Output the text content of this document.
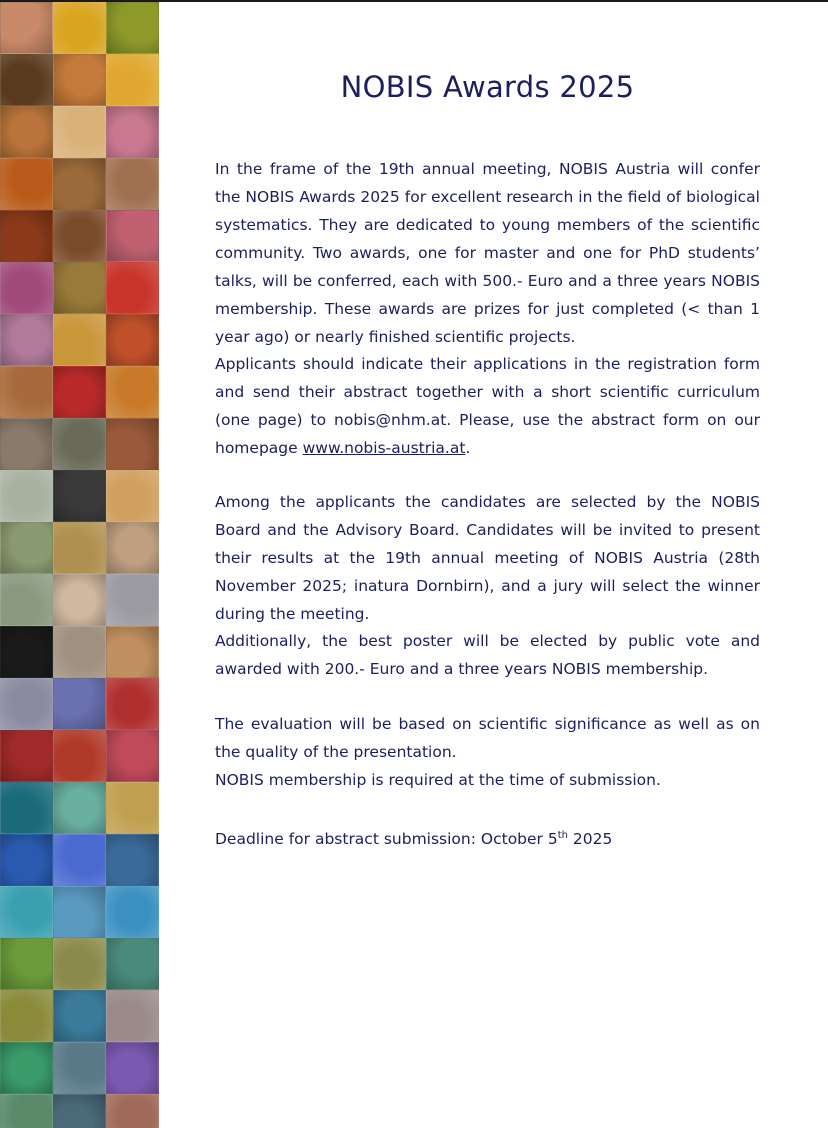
NOBIS Awards 2025

In the frame of the 19th annual meeting, NOBIS Austria will confer the NOBIS Awards 2025 for excellent research in the field of biological systematics. They are dedicated to young members of the scientific community. Two awards, one for master and one for PhD students’ talks, will be conferred, each with 500.- Euro and a three years NOBIS membership. These awards are prizes for just completed (< than 1 year ago) or nearly finished scientific projects.

Applicants should indicate their applications in the registration form and send their abstract together with a short scientific curriculum (one page) to nobis@nhm.at. Please, use the abstract form on our homepage www.nobis-austria.at.

Among the applicants the candidates are selected by the NOBIS Board and the Advisory Board. Candidates will be invited to present their results at the 19th annual meeting of NOBIS Austria (28th November 2025; inatura Dornbirn), and a jury will select the winner during the meeting.

Additionally, the best poster will be elected by public vote and awarded with 200.- Euro and a three years NOBIS membership.

The evaluation will be based on scientific significance as well as on the quality of the presentation.

NOBIS membership is required at the time of submission.

Deadline for abstract submission: October 5th 2025
